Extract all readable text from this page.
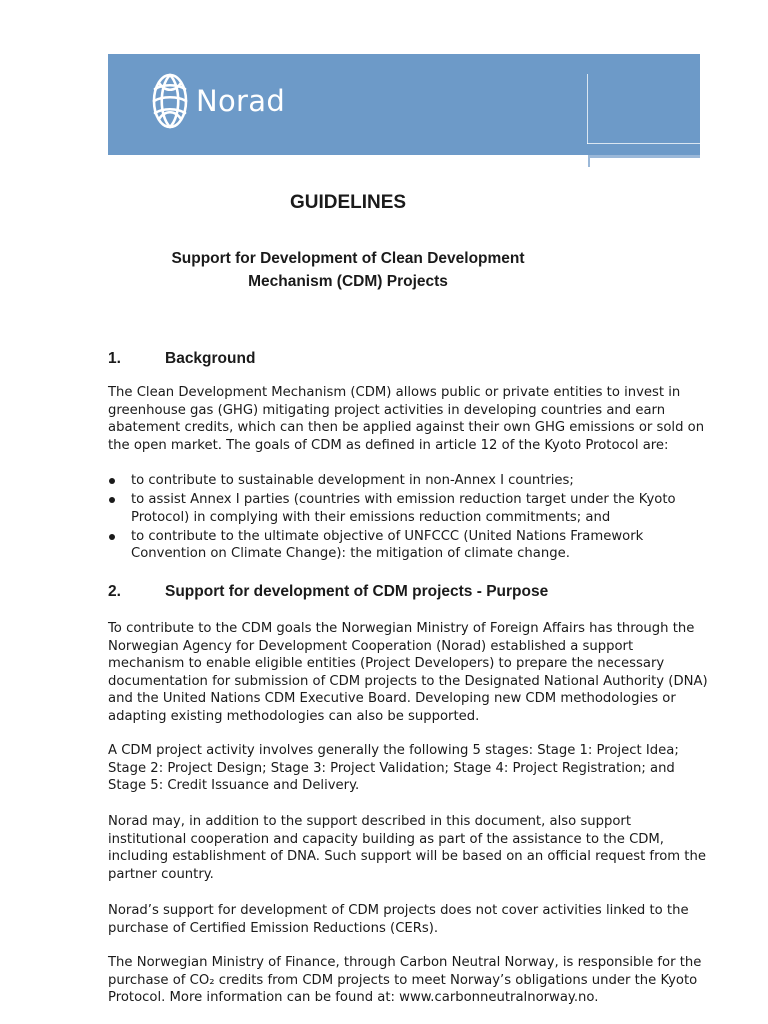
Norad
GUIDELINES
Support for Development of Clean Development
Mechanism (CDM) Projects
1.	Background

The Clean Development Mechanism (CDM) allows public or private entities to invest in greenhouse gas (GHG) mitigating project activities in developing countries and earn abatement credits, which can then be applied against their own GHG emissions or sold on the open market. The goals of CDM as defined in article 12 of the Kyoto Protocol are:

to contribute to sustainable development in non-Annex I countries;
to assist Annex I parties (countries with emission reduction target under the Kyoto Protocol) in complying with their emissions reduction commitments; and
to contribute to the ultimate objective of UNFCCC (United Nations Framework Convention on Climate Change): the mitigation of climate change.
2.	Support for development of CDM projects - Purpose

To contribute to the CDM goals the Norwegian Ministry of Foreign Affairs has through the Norwegian Agency for Development Cooperation (Norad) established a support mechanism to enable eligible entities (Project Developers) to prepare the necessary documentation for submission of CDM projects to the Designated National Authority (DNA) and the United Nations CDM Executive Board. Developing new CDM methodologies or adapting existing methodologies can also be supported.

A CDM project activity involves generally the following 5 stages: Stage 1: Project Idea; Stage 2: Project Design; Stage 3: Project Validation; Stage 4: Project Registration; and Stage 5: Credit Issuance and Delivery.

Norad may, in addition to the support described in this document, also support institutional cooperation and capacity building as part of the assistance to the CDM, including establishment of DNA. Such support will be based on an official request from the partner country.

Norad’s support for development of CDM projects does not cover activities linked to the purchase of Certified Emission Reductions (CERs).

The Norwegian Ministry of Finance, through Carbon Neutral Norway, is responsible for the purchase of CO₂ credits from CDM projects to meet Norway’s obligations under the Kyoto Protocol. More information can be found at: www.carbonneutralnorway.no.
